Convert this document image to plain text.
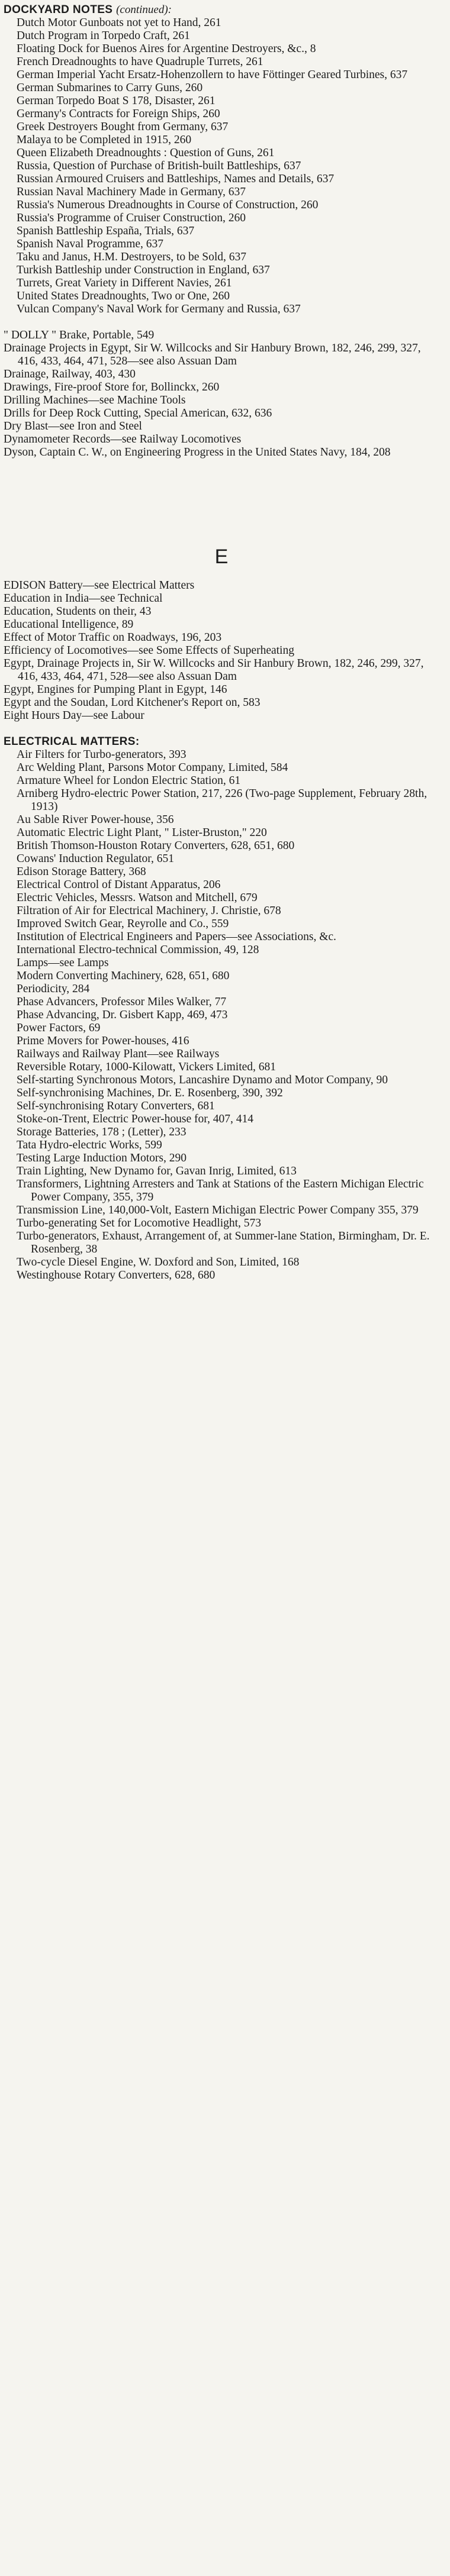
DOCKYARD NOTES (continued):
Dutch Motor Gunboats not yet to Hand, 261
Dutch Program in Torpedo Craft, 261
Floating Dock for Buenos Aires for Argentine Destroyers, &c., 8
French Dreadnoughts to have Quadruple Turrets, 261
German Imperial Yacht Ersatz-Hohenzollern to have Föttinger Geared Turbines, 637
German Submarines to Carry Guns, 260
German Torpedo Boat S 178, Disaster, 261
Germany's Contracts for Foreign Ships, 260
Greek Destroyers Bought from Germany, 637
Malaya to be Completed in 1915, 260
Queen Elizabeth Dreadnoughts : Question of Guns, 261
Russia, Question of Purchase of British-built Battleships, 637
Russian Armoured Cruisers and Battleships, Names and Details, 637
Russian Naval Machinery Made in Germany, 637
Russia's Numerous Dreadnoughts in Course of Construction, 260
Russia's Programme of Cruiser Construction, 260
Spanish Battleship España, Trials, 637
Spanish Naval Programme, 637
Taku and Janus, H.M. Destroyers, to be Sold, 637
Turkish Battleship under Construction in England, 637
Turrets, Great Variety in Different Navies, 261
United States Dreadnoughts, Two or One, 260
Vulcan Company's Naval Work for Germany and Russia, 637
" DOLLY " Brake, Portable, 549
Drainage Projects in Egypt, Sir W. Willcocks and Sir Hanbury Brown, 182, 246, 299, 327, 416, 433, 464, 471, 528—see also Assuan Dam
Drainage, Railway, 403, 430
Drawings, Fire-proof Store for, Bollinckx, 260
Drilling Machines—see Machine Tools
Drills for Deep Rock Cutting, Special American, 632, 636
Dry Blast—see Iron and Steel
Dynamometer Records—see Railway Locomotives
Dyson, Captain C. W., on Engineering Progress in the United States Navy, 184, 208
E
EDISON Battery—see Electrical Matters
Education in India—see Technical
Education, Students on their, 43
Educational Intelligence, 89
Effect of Motor Traffic on Roadways, 196, 203
Efficiency of Locomotives—see Some Effects of Superheating
Egypt, Drainage Projects in, Sir W. Willcocks and Sir Hanbury Brown, 182, 246, 299, 327, 416, 433, 464, 471, 528—see also Assuan Dam
Egypt, Engines for Pumping Plant in Egypt, 146
Egypt and the Soudan, Lord Kitchener's Report on, 583
Eight Hours Day—see Labour
ELECTRICAL MATTERS:
Air Filters for Turbo-generators, 393
Arc Welding Plant, Parsons Motor Company, Limited, 584
Armature Wheel for London Electric Station, 61
Arniberg Hydro-electric Power Station, 217, 226 (Two-page Supplement, February 28th, 1913)
Au Sable River Power-house, 356
Automatic Electric Light Plant, " Lister-Bruston," 220
British Thomson-Houston Rotary Converters, 628, 651, 680
Cowans' Induction Regulator, 651
Edison Storage Battery, 368
Electrical Control of Distant Apparatus, 206
Electric Vehicles, Messrs. Watson and Mitchell, 679
Filtration of Air for Electrical Machinery, J. Christie, 678
Improved Switch Gear, Reyrolle and Co., 559
Institution of Electrical Engineers and Papers—see Associations, &c.
International Electro-technical Commission, 49, 128
Lamps—see Lamps
Modern Converting Machinery, 628, 651, 680
Periodicity, 284
Phase Advancers, Professor Miles Walker, 77
Phase Advancing, Dr. Gisbert Kapp, 469, 473
Power Factors, 69
Prime Movers for Power-houses, 416
Railways and Railway Plant—see Railways
Reversible Rotary, 1000-Kilowatt, Vickers Limited, 681
Self-starting Synchronous Motors, Lancashire Dynamo and Motor Company, 90
Self-synchronising Machines, Dr. E. Rosenberg, 390, 392
Self-synchronising Rotary Converters, 681
Stoke-on-Trent, Electric Power-house for, 407, 414
Storage Batteries, 178 ; (Letter), 233
Tata Hydro-electric Works, 599
Testing Large Induction Motors, 290
Train Lighting, New Dynamo for, Gavan Inrig, Limited, 613
Transformers, Lightning Arresters and Tank at Stations of the Eastern Michigan Electric Power Company, 355, 379
Transmission Line, 140,000-Volt, Eastern Michigan Electric Power Company 355, 379
Turbo-generating Set for Locomotive Headlight, 573
Turbo-generators, Exhaust, Arrangement of, at Summer-lane Station, Birmingham, Dr. E. Rosenberg, 38
Two-cycle Diesel Engine, W. Doxford and Son, Limited, 168
Westinghouse Rotary Converters, 628, 680
